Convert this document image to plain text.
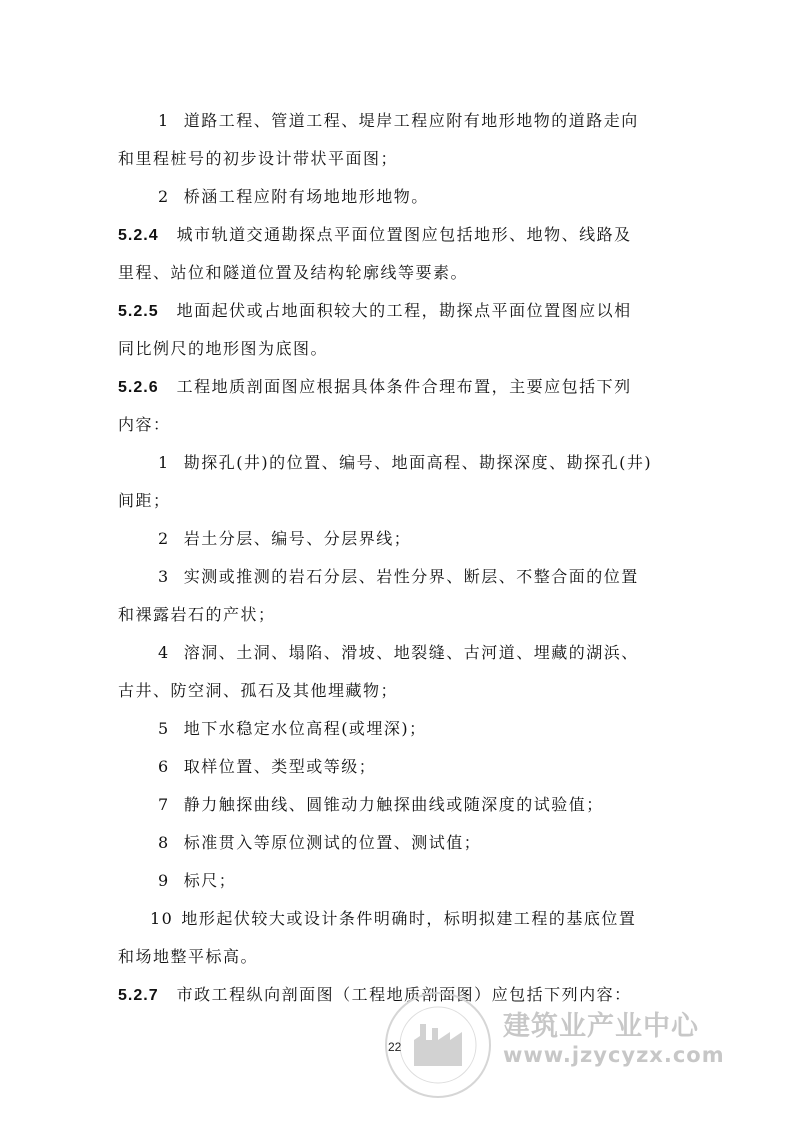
1 道路工程、管道工程、堤岸工程应附有地形地物的道路走向
和里程桩号的初步设计带状平面图；
2 桥涵工程应附有场地地形地物。
5.2.4 城市轨道交通勘探点平面位置图应包括地形、地物、线路及
里程、站位和隧道位置及结构轮廓线等要素。
5.2.5 地面起伏或占地面积较大的工程，勘探点平面位置图应以相
同比例尺的地形图为底图。
5.2.6 工程地质剖面图应根据具体条件合理布置，主要应包括下列
内容：
1 勘探孔(井)的位置、编号、地面高程、勘探深度、勘探孔(井)
间距；
2 岩土分层、编号、分层界线；
3 实测或推测的岩石分层、岩性分界、断层、不整合面的位置
和裸露岩石的产状；
4 溶洞、土洞、塌陷、滑坡、地裂缝、古河道、埋藏的湖浜、
古井、防空洞、孤石及其他埋藏物；
5 地下水稳定水位高程(或埋深)；
6 取样位置、类型或等级；
7 静力触探曲线、圆锥动力触探曲线或随深度的试验值；
8 标准贯入等原位测试的位置、测试值；
9 标尺；
10 地形起伏较大或设计条件明确时，标明拟建工程的基底位置
和场地整平标高。
5.2.7 市政工程纵向剖面图（工程地质剖面图）应包括下列内容：
建筑业产业中心
www.jzycyzx.com
22
